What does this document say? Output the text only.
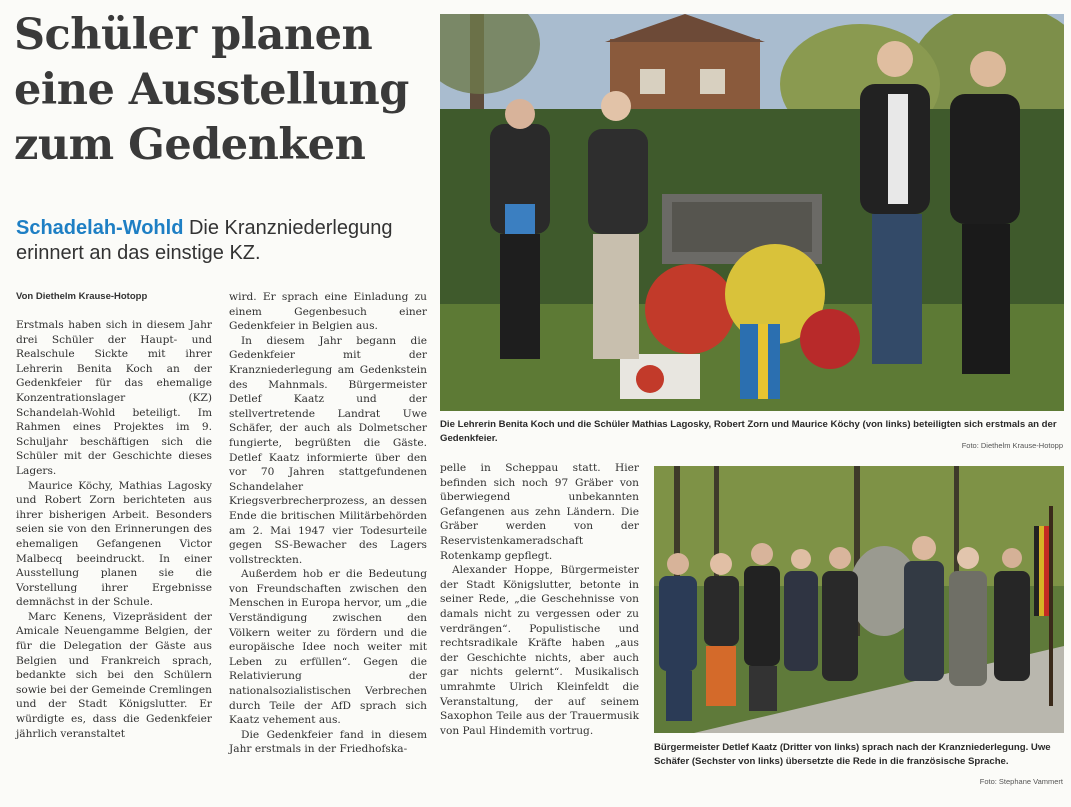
Schüler planen
eine Ausstellung
zum Gedenken
Schadelah-Wohld Die Kranzniederlegung
erinnert an das einstige KZ.
Von Diethelm Krause-Hotopp

Erstmals haben sich in diesem Jahr drei Schüler der Haupt- und Realschule Sickte mit ihrer Lehrerin Benita Koch an der Gedenkfeier für das ehemalige Konzentrationslager (KZ) Schandelah-Wohld beteiligt. Im Rahmen eines Projektes im 9. Schuljahr beschäftigen sich die Schüler mit der Geschichte dieses Lagers.

Maurice Köchy, Mathias Lagosky und Robert Zorn berichteten aus ihrer bisherigen Arbeit. Besonders seien sie von den Erinnerungen des ehemaligen Gefangenen Victor Malbecq beeindruckt. In einer Ausstellung planen sie die Vorstellung ihrer Ergebnisse demnächst in der Schule.

Marc Kenens, Vizepräsident der Amicale Neuengamme Belgien, der für die Delegation der Gäste aus Belgien und Frankreich sprach, bedankte sich bei den Schülern sowie bei der Gemeinde Cremlingen und der Stadt Königslutter. Er würdigte es, dass die Gedenkfeier jährlich veranstaltet

wird. Er sprach eine Einladung zu einem Gegenbesuch einer Gedenkfeier in Belgien aus.

In diesem Jahr begann die Gedenkfeier mit der Kranzniederlegung am Gedenkstein des Mahnmals. Bürgermeister Detlef Kaatz und der stellvertretende Landrat Uwe Schäfer, der auch als Dolmetscher fungierte, begrüßten die Gäste. Detlef Kaatz informierte über den vor 70 Jahren stattgefundenen Schandelaher Kriegsverbrecherprozess, an dessen Ende die britischen Militärbehörden am 2. Mai 1947 vier Todesurteile gegen SS-Bewacher des Lagers vollstreckten.

Außerdem hob er die Bedeutung von Freundschaften zwischen den Menschen in Europa hervor, um „die Verständigung zwischen den Völkern weiter zu fördern und die europäische Idee noch weiter mit Leben zu erfüllen“. Gegen die Relativierung der nationalsozialistischen Verbrechen durch Teile der AfD sprach sich Kaatz vehement aus.

Die Gedenkfeier fand in diesem Jahr erstmals in der Friedhofska-

pelle in Scheppau statt. Hier befinden sich noch 97 Gräber von überwiegend unbekannten Gefangenen aus zehn Ländern. Die Gräber werden von der Reservistenkameradschaft Rotenkamp gepflegt.

Alexander Hoppe, Bürgermeister der Stadt Königslutter, betonte in seiner Rede, „die Geschehnisse von damals nicht zu vergessen oder zu verdrängen“. Populistische und rechtsradikale Kräfte haben „aus der Geschichte nichts, aber auch gar nichts gelernt“. Musikalisch umrahmte Ulrich Kleinfeldt die Veranstaltung, der auf seinem Saxophon Teile aus der Trauermusik von Paul Hindemith vortrug.

Die Lehrerin Benita Koch und die Schüler Mathias Lagosky, Robert Zorn und Maurice Köchy (von links) beteiligten sich erstmals an der Gedenkfeier.
Foto: Diethelm Krause-Hotopp
Bürgermeister Detlef Kaatz (Dritter von links) sprach nach der Kranzniederlegung. Uwe Schäfer (Sechster von links) übersetzte die Rede in die französische Sprache.
Foto: Stephane Vammert
